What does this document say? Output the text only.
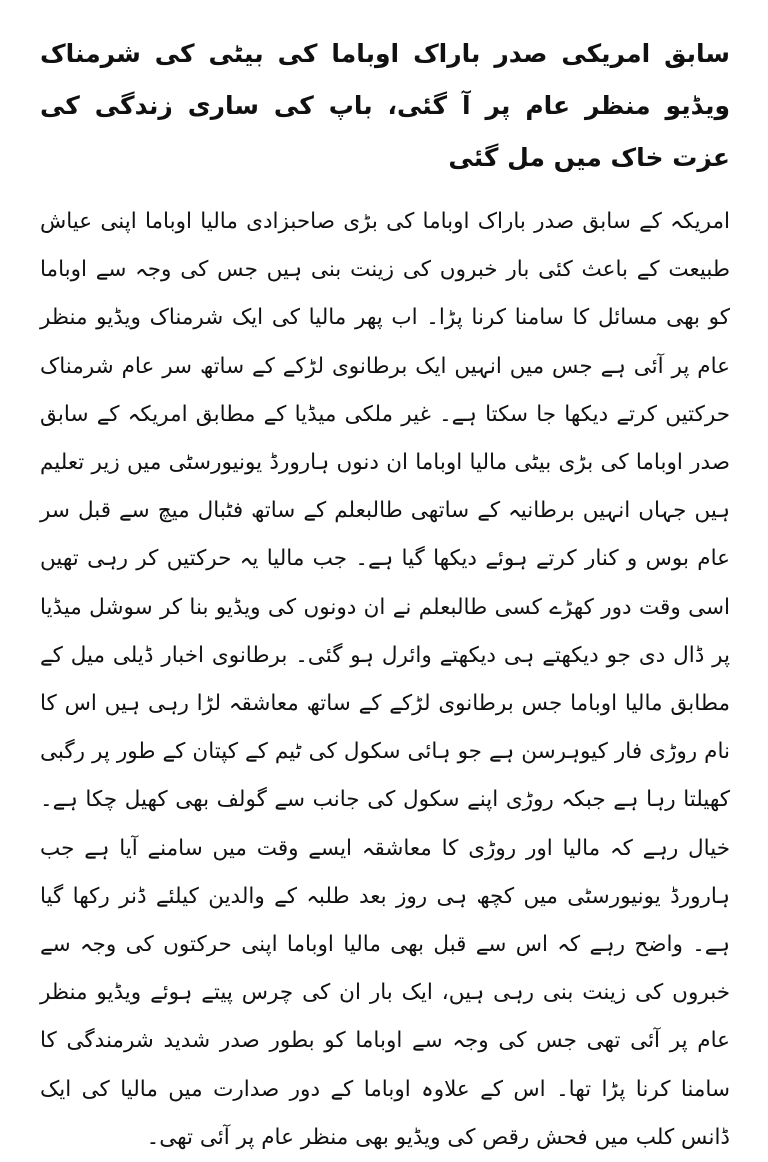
سابق امریکی صدر باراک اوباما کی بیٹی کی شرمناک ویڈیو منظر عام پر آ گئی، باپ کی ساری زندگی کی عزت خاک میں مل گئی

امریکہ کے سابق صدر باراک اوباما کی بڑی صاحبزادی مالیا اوباما اپنی عیاش طبیعت کے باعث کئی بار خبروں کی زینت بنی ہیں جس کی وجہ سے اوباما کو بھی مسائل کا سامنا کرنا پڑا۔ اب پھر مالیا کی ایک شرمناک ویڈیو منظر عام پر آئی ہے جس میں انہیں ایک برطانوی لڑکے کے ساتھ سر عام شرمناک حرکتیں کرتے دیکھا جا سکتا ہے۔ غیر ملکی میڈیا کے مطابق امریکہ کے سابق صدر اوباما کی بڑی بیٹی مالیا اوباما ان دنوں ہارورڈ یونیورسٹی میں زیر تعلیم ہیں جہاں انہیں برطانیہ کے ساتھی طالبعلم کے ساتھ فٹبال میچ سے قبل سر عام بوس و کنار کرتے ہوئے دیکھا گیا ہے۔ جب مالیا یہ حرکتیں کر رہی تھیں اسی وقت دور کھڑے کسی طالبعلم نے ان دونوں کی ویڈیو بنا کر سوشل میڈیا پر ڈال دی جو دیکھتے ہی دیکھتے وائرل ہو گئی۔ برطانوی اخبار ڈیلی میل کے مطابق مالیا اوباما جس برطانوی لڑکے کے ساتھ معاشقہ لڑا رہی ہیں اس کا نام روڑی فار کیوہرسن ہے جو ہائی سکول کی ٹیم کے کپتان کے طور پر رگبی کھیلتا رہا ہے جبکہ روڑی اپنے سکول کی جانب سے گولف بھی کھیل چکا ہے۔ خیال رہے کہ مالیا اور روڑی کا معاشقہ ایسے وقت میں سامنے آیا ہے جب ہارورڈ یونیورسٹی میں کچھ ہی روز بعد طلبہ کے والدین کیلئے ڈنر رکھا گیا ہے۔ واضح رہے کہ اس سے قبل بھی مالیا اوباما اپنی حرکتوں کی وجہ سے خبروں کی زینت بنی رہی ہیں، ایک بار ان کی چرس پیتے ہوئے ویڈیو منظر عام پر آئی تھی جس کی وجہ سے اوباما کو بطور صدر شدید شرمندگی کا سامنا کرنا پڑا تھا۔ اس کے علاوہ اوباما کے دور صدارت میں مالیا کی ایک ڈانس کلب میں فحش رقص کی ویڈیو بھی منظر عام پر آئی تھی۔
